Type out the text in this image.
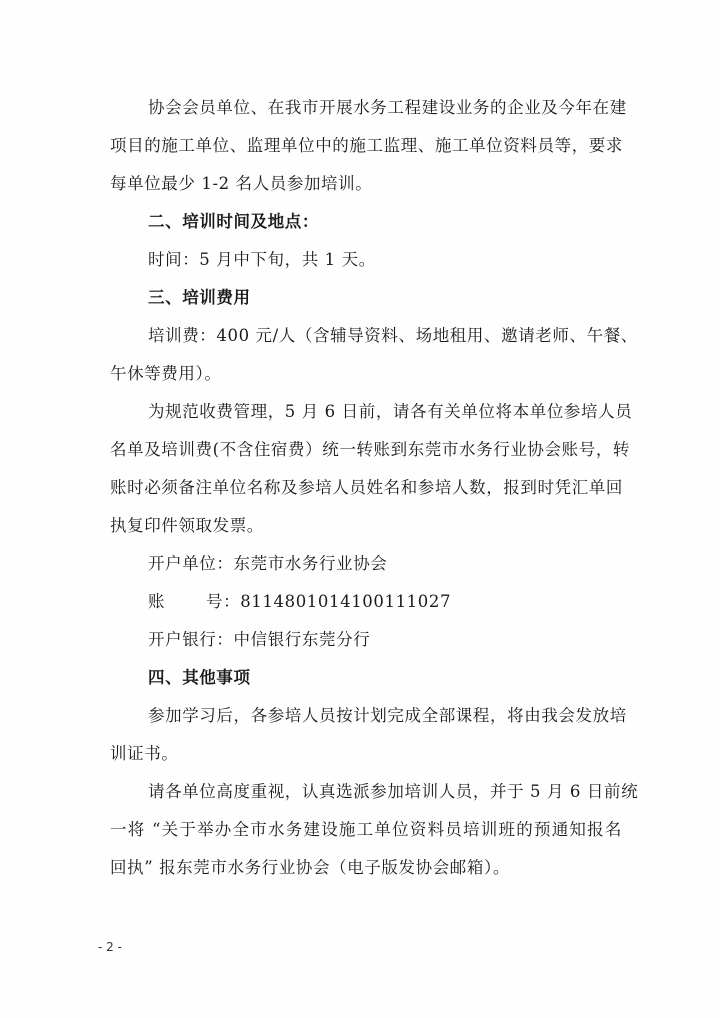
协会会员单位、在我市开展水务工程建设业务的企业及今年在建
项目的施工单位、监理单位中的施工监理、施工单位资料员等，要求
每单位最少 1-2 名人员参加培训。
二、培训时间及地点：
时间：5 月中下旬，共 1 天。
三、培训费用
培训费：400 元/人（含辅导资料、场地租用、邀请老师、午餐、
午休等费用）。
为规范收费管理，5 月 6 日前，请各有关单位将本单位参培人员
名单及培训费(不含住宿费）统一转账到东莞市水务行业协会账号，转
账时必须备注单位名称及参培人员姓名和参培人数，报到时凭汇单回
执复印件领取发票。
开户单位：东莞市水务行业协会
账       号：8114801014100111027
开户银行：中信银行东莞分行
四、其他事项
参加学习后，各参培人员按计划完成全部课程，将由我会发放培
训证书。
请各单位高度重视，认真选派参加培训人员，并于 5 月 6 日前统
一将 “关于举办全市水务建设施工单位资料员培训班的预通知报名
回执” 报东莞市水务行业协会（电子版发协会邮箱）。
- 2 -
